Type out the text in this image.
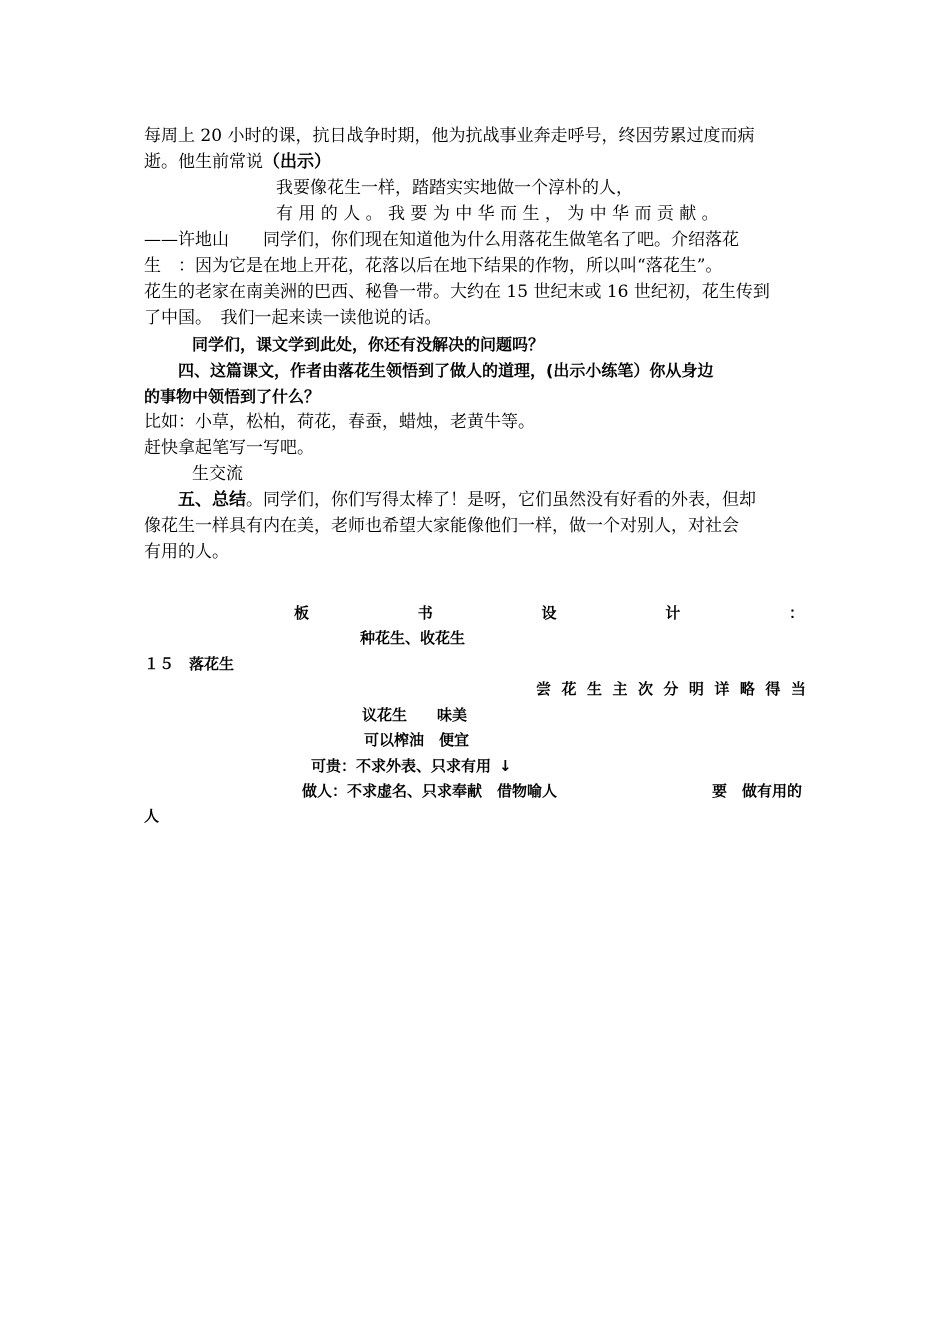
每周上 20 小时的课，抗日战争时期，他为抗战事业奔走呼号，终因劳累过度而病

逝。他生前常说（出示）

我要像花生一样，踏踏实实地做一个淳朴的人，

有 用 的 人 。 我 要 为 中 华 而 生 ， 为 中 华 而 贡 献 。

——许地山　　同学们，你们现在知道他为什么用落花生做笔名了吧。介绍落花

生　：因为它是在地上开花，花落以后在地下结果的作物，所以叫“落花生”。

花生的老家在南美洲的巴西、秘鲁一带。大约在 15 世纪末或 16 世纪初，花生传到

了中国。　我们一起来读一读他说的话。

同学们，课文学到此处，你还有没解决的问题吗？

四、这篇课文，作者由落花生领悟到了做人的道理，(出示小练笔）你从身边

的事物中领悟到了什么？

比如：小草，松柏，荷花，春蚕，蜡烛，老黄牛等。

赶快拿起笔写一写吧。

生交流

五、总结。同学们，你们写得太棒了！是呀，它们虽然没有好看的外表，但却

像花生一样具有内在美，老师也希望大家能像他们一样，做一个对别人，对社会

有用的人。

板	书	设	计	：
种花生、收花生
１５　落花生
尝 花 生 主 次 分 明 详 略 得 当
议花生　　味美
可以榨油　便宜
可贵：不求外表、只求有用 ↓
做人：不求虚名、只求奉献　借物喻人	要　做有用的
人
